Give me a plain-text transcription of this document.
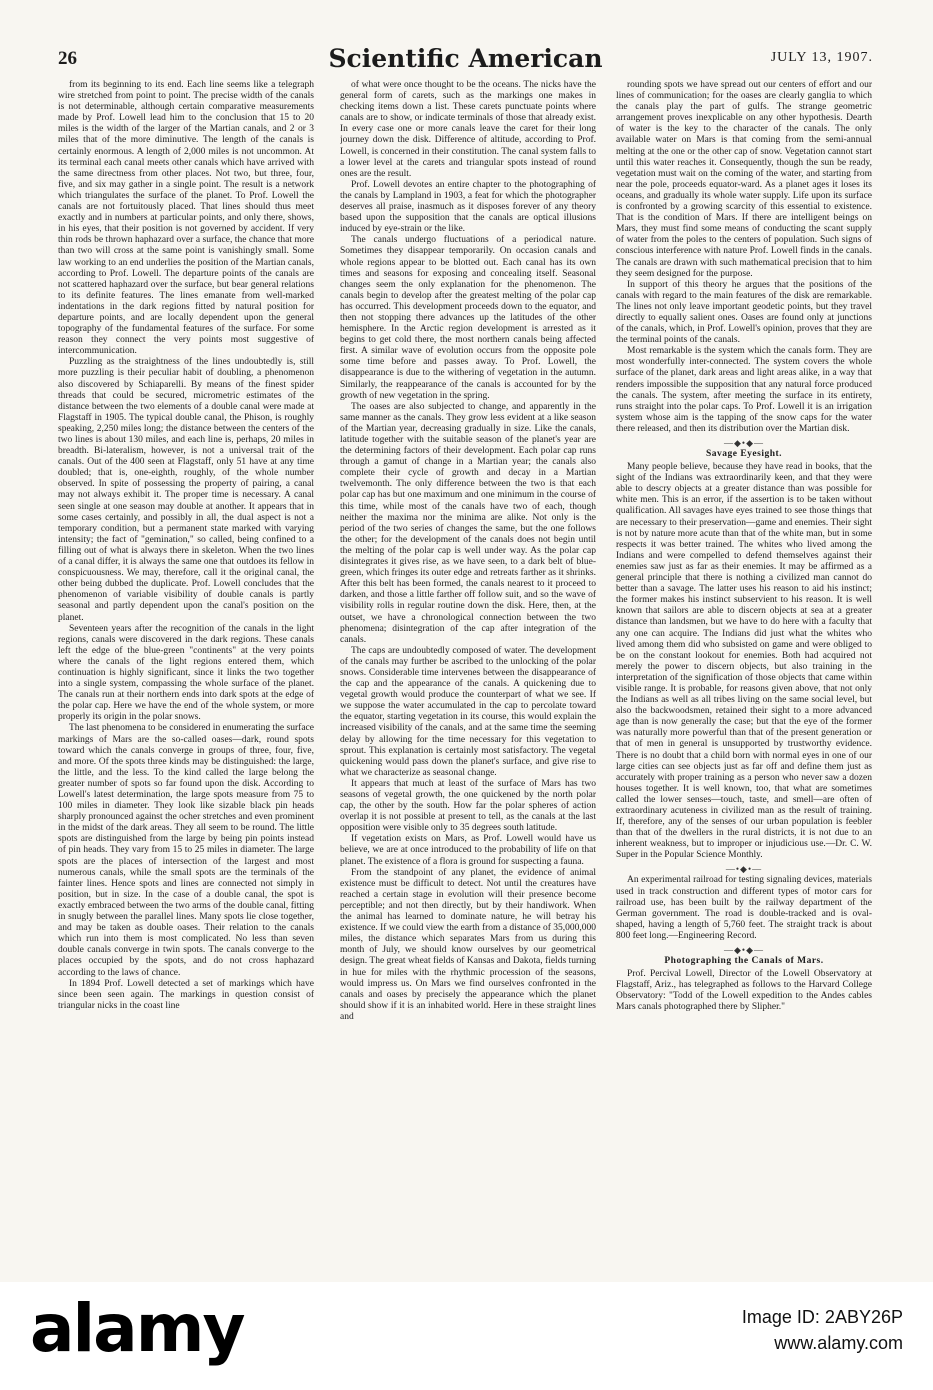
26	Scientific American	JULY 13, 1907.

from its beginning to its end. Each line seems like a telegraph wire stretched from point to point. The precise width of the canals is not determinable, although certain comparative measurements made by Prof. Lowell lead him to the conclusion that 15 to 20 miles is the width of the larger of the Martian canals, and 2 or 3 miles that of the more diminutive. The length of the canals is certainly enormous. A length of 2,000 miles is not uncommon. At its terminal each canal meets other canals which have arrived with the same directness from other places. Not two, but three, four, five, and six may gather in a single point. The result is a network which triangulates the surface of the planet. To Prof. Lowell the canals are not fortuitously placed. That lines should thus meet exactly and in numbers at particular points, and only there, shows, in his eyes, that their position is not governed by accident. If very thin rods be thrown haphazard over a surface, the chance that more than two will cross at the same point is vanishingly small. Some law working to an end underlies the position of the Martian canals, according to Prof. Lowell. The departure points of the canals are not scattered haphazard over the surface, but bear general relations to its definite features. The lines emanate from well-marked indentations in the dark regions fitted by natural position for departure points, and are locally dependent upon the general topography of the fundamental features of the surface. For some reason they connect the very points most suggestive of intercommunication.

Puzzling as the straightness of the lines undoubtedly is, still more puzzling is their peculiar habit of doubling, a phenomenon also discovered by Schiaparelli. By means of the finest spider threads that could be secured, micrometric estimates of the distance between the two elements of a double canal were made at Flagstaff in 1905. The typical double canal, the Phison, is roughly speaking, 2,250 miles long; the distance between the centers of the two lines is about 130 miles, and each line is, perhaps, 20 miles in breadth. Bi-lateralism, however, is not a universal trait of the canals. Out of the 400 seen at Flagstaff, only 51 have at any time doubled; that is, one-eighth, roughly, of the whole number observed. In spite of possessing the property of pairing, a canal may not always exhibit it. The proper time is necessary. A canal seen single at one season may double at another. It appears that in some cases certainly, and possibly in all, the dual aspect is not a temporary condition, but a permanent state marked with varying intensity; the fact of "gemination," so called, being confined to a filling out of what is always there in skeleton. When the two lines of a canal differ, it is always the same one that outdoes its fellow in conspicuousness. We may, therefore, call it the original canal, the other being dubbed the duplicate. Prof. Lowell concludes that the phenomenon of variable visibility of double canals is partly seasonal and partly dependent upon the canal's position on the planet.

Seventeen years after the recognition of the canals in the light regions, canals were discovered in the dark regions. These canals left the edge of the blue-green "continents" at the very points where the canals of the light regions entered them, which continuation is highly significant, since it links the two together into a single system, compassing the whole surface of the planet. The canals run at their northern ends into dark spots at the edge of the polar cap. Here we have the end of the whole system, or more properly its origin in the polar snows.

The last phenomena to be considered in enumerating the surface markings of Mars are the so-called oases—dark, round spots toward which the canals converge in groups of three, four, five, and more. Of the spots three kinds may be distinguished: the large, the little, and the less. To the kind called the large belong the greater number of spots so far found upon the disk. According to Lowell's latest determination, the large spots measure from 75 to 100 miles in diameter. They look like sizable black pin heads sharply pronounced against the ocher stretches and even prominent in the midst of the dark areas. They all seem to be round. The little spots are distinguished from the large by being pin points instead of pin heads. They vary from 15 to 25 miles in diameter. The large spots are the places of intersection of the largest and most numerous canals, while the small spots are the terminals of the fainter lines. Hence spots and lines are connected not simply in position, but in size. In the case of a double canal, the spot is exactly embraced between the two arms of the double canal, fitting in snugly between the parallel lines. Many spots lie close together, and may be taken as double oases. Their relation to the canals which run into them is most complicated. No less than seven double canals converge in twin spots. The canals converge to the places occupied by the spots, and do not cross haphazard according to the laws of chance.

In 1894 Prof. Lowell detected a set of markings which have since been seen again. The markings in question consist of triangular nicks in the coast line

of what were once thought to be the oceans. The nicks have the general form of carets, such as the markings one makes in checking items down a list. These carets punctuate points where canals are to show, or indicate terminals of those that already exist. In every case one or more canals leave the caret for their long journey down the disk. Difference of altitude, according to Prof. Lowell, is concerned in their constitution. The canal system falls to a lower level at the carets and triangular spots instead of round ones are the result.

Prof. Lowell devotes an entire chapter to the photographing of the canals by Lampland in 1903, a feat for which the photographer deserves all praise, inasmuch as it disposes forever of any theory based upon the supposition that the canals are optical illusions induced by eye-strain or the like.

The canals undergo fluctuations of a periodical nature. Sometimes they disappear temporarily. On occasion canals and whole regions appear to be blotted out. Each canal has its own times and seasons for exposing and concealing itself. Seasonal changes seem the only explanation for the phenomenon. The canals begin to develop after the greatest melting of the polar cap has occurred. This development proceeds down to the equator, and then not stopping there advances up the latitudes of the other hemisphere. In the Arctic region development is arrested as it begins to get cold there, the most northern canals being affected first. A similar wave of evolution occurs from the opposite pole some time before and passes away. To Prof. Lowell, the disappearance is due to the withering of vegetation in the autumn. Similarly, the reappearance of the canals is accounted for by the growth of new vegetation in the spring.

The oases are also subjected to change, and apparently in the same manner as the canals. They grow less evident at a like season of the Martian year, decreasing gradually in size. Like the canals, latitude together with the suitable season of the planet's year are the determining factors of their development. Each polar cap runs through a gamut of change in a Martian year; the canals also complete their cycle of growth and decay in a Martian twelvemonth. The only difference between the two is that each polar cap has but one maximum and one minimum in the course of this time, while most of the canals have two of each, though neither the maxima nor the minima are alike. Not only is the period of the two series of changes the same, but the one follows the other; for the development of the canals does not begin until the melting of the polar cap is well under way. As the polar cap disintegrates it gives rise, as we have seen, to a dark belt of blue-green, which fringes its outer edge and retreats farther as it shrinks. After this belt has been formed, the canals nearest to it proceed to darken, and those a little farther off follow suit, and so the wave of visibility rolls in regular routine down the disk. Here, then, at the outset, we have a chronological connection between the two phenomena; disintegration of the cap after integration of the canals.

The caps are undoubtedly composed of water. The development of the canals may further be ascribed to the unlocking of the polar snows. Considerable time intervenes between the disappearance of the cap and the appearance of the canals. A quickening due to vegetal growth would produce the counterpart of what we see. If we suppose the water accumulated in the cap to percolate toward the equator, starting vegetation in its course, this would explain the increased visibility of the canals, and at the same time the seeming delay by allowing for the time necessary for this vegetation to sprout. This explanation is certainly most satisfactory. The vegetal quickening would pass down the planet's surface, and give rise to what we characterize as seasonal change.

It appears that much at least of the surface of Mars has two seasons of vegetal growth, the one quickened by the north polar cap, the other by the south. How far the polar spheres of action overlap it is not possible at present to tell, as the canals at the last opposition were visible only to 35 degrees south latitude.

If vegetation exists on Mars, as Prof. Lowell would have us believe, we are at once introduced to the probability of life on that planet. The existence of a flora is ground for suspecting a fauna.

From the standpoint of any planet, the evidence of animal existence must be difficult to detect. Not until the creatures have reached a certain stage in evolution will their presence become perceptible; and not then directly, but by their handiwork. When the animal has learned to dominate nature, he will betray his existence. If we could view the earth from a distance of 35,000,000 miles, the distance which separates Mars from us during this month of July, we should know ourselves by our geometrical design. The great wheat fields of Kansas and Dakota, fields turning in hue for miles with the rhythmic procession of the seasons, would impress us. On Mars we find ourselves confronted in the canals and oases by precisely the appearance which the planet should show if it is an inhabited world. Here in these straight lines and

rounding spots we have spread out our centers of effort and our lines of communication; for the oases are clearly ganglia to which the canals play the part of gulfs. The strange geometric arrangement proves inexplicable on any other hypothesis. Dearth of water is the key to the character of the canals. The only available water on Mars is that coming from the semi-annual melting at the one or the other cap of snow. Vegetation cannot start until this water reaches it. Consequently, though the sun be ready, vegetation must wait on the coming of the water, and starting from near the pole, proceeds equator-ward. As a planet ages it loses its oceans, and gradually its whole water supply. Life upon its surface is confronted by a growing scarcity of this essential to existence. That is the condition of Mars. If there are intelligent beings on Mars, they must find some means of conducting the scant supply of water from the poles to the centers of population. Such signs of conscious interference with nature Prof. Lowell finds in the canals. The canals are drawn with such mathematical precision that to him they seem designed for the purpose.

In support of this theory he argues that the positions of the canals with regard to the main features of the disk are remarkable. The lines not only leave important geodetic points, but they travel directly to equally salient ones. Oases are found only at junctions of the canals, which, in Prof. Lowell's opinion, proves that they are the terminal points of the canals.

Most remarkable is the system which the canals form. They are most wonderfully inter-connected. The system covers the whole surface of the planet, dark areas and light areas alike, in a way that renders impossible the supposition that any natural force produced the canals. The system, after meeting the surface in its entirety, runs straight into the polar caps. To Prof. Lowell it is an irrigation system whose aim is the tapping of the snow caps for the water there released, and then its distribution over the Martian disk.

—◆•◆—
Savage Eyesight.

Many people believe, because they have read in books, that the sight of the Indians was extraordinarily keen, and that they were able to descry objects at a greater distance than was possible for white men. This is an error, if the assertion is to be taken without qualification. All savages have eyes trained to see those things that are necessary to their preservation—game and enemies. Their sight is not by nature more acute than that of the white man, but in some respects it was better trained. The whites who lived among the Indians and were compelled to defend themselves against their enemies saw just as far as their enemies. It may be affirmed as a general principle that there is nothing a civilized man cannot do better than a savage. The latter uses his reason to aid his instinct; the former makes his instinct subservient to his reason. It is well known that sailors are able to discern objects at sea at a greater distance than landsmen, but we have to do here with a faculty that any one can acquire. The Indians did just what the whites who lived among them did who subsisted on game and were obliged to be on the constant lookout for enemies. Both had acquired not merely the power to discern objects, but also training in the interpretation of the signification of those objects that came within visible range. It is probable, for reasons given above, that not only the Indians as well as all tribes living on the same social level, but also the backwoodsmen, retained their sight to a more advanced age than is now generally the case; but that the eye of the former was naturally more powerful than that of the present generation or that of men in general is unsupported by trustworthy evidence. There is no doubt that a child born with normal eyes in one of our large cities can see objects just as far off and define them just as accurately with proper training as a person who never saw a dozen houses together. It is well known, too, that what are sometimes called the lower senses—touch, taste, and smell—are often of extraordinary acuteness in civilized man as the result of training. If, therefore, any of the senses of our urban population is feebler than that of the dwellers in the rural districts, it is not due to an inherent weakness, but to improper or injudicious use.—Dr. C. W. Super in the Popular Science Monthly.

—•◆•—

An experimental railroad for testing signaling devices, materials used in track construction and different types of motor cars for railroad use, has been built by the railway department of the German government. The road is double-tracked and is oval-shaped, having a length of 5,760 feet. The straight track is about 800 feet long.—Engineering Record.

—◆•◆—
Photographing the Canals of Mars.

Prof. Percival Lowell, Director of the Lowell Observatory at Flagstaff, Ariz., has telegraphed as follows to the Harvard College Observatory: "Todd of the Lowell expedition to the Andes cables Mars canals photographed there by Slipher."

alamy	Image ID: 2ABY26P
www.alamy.com
